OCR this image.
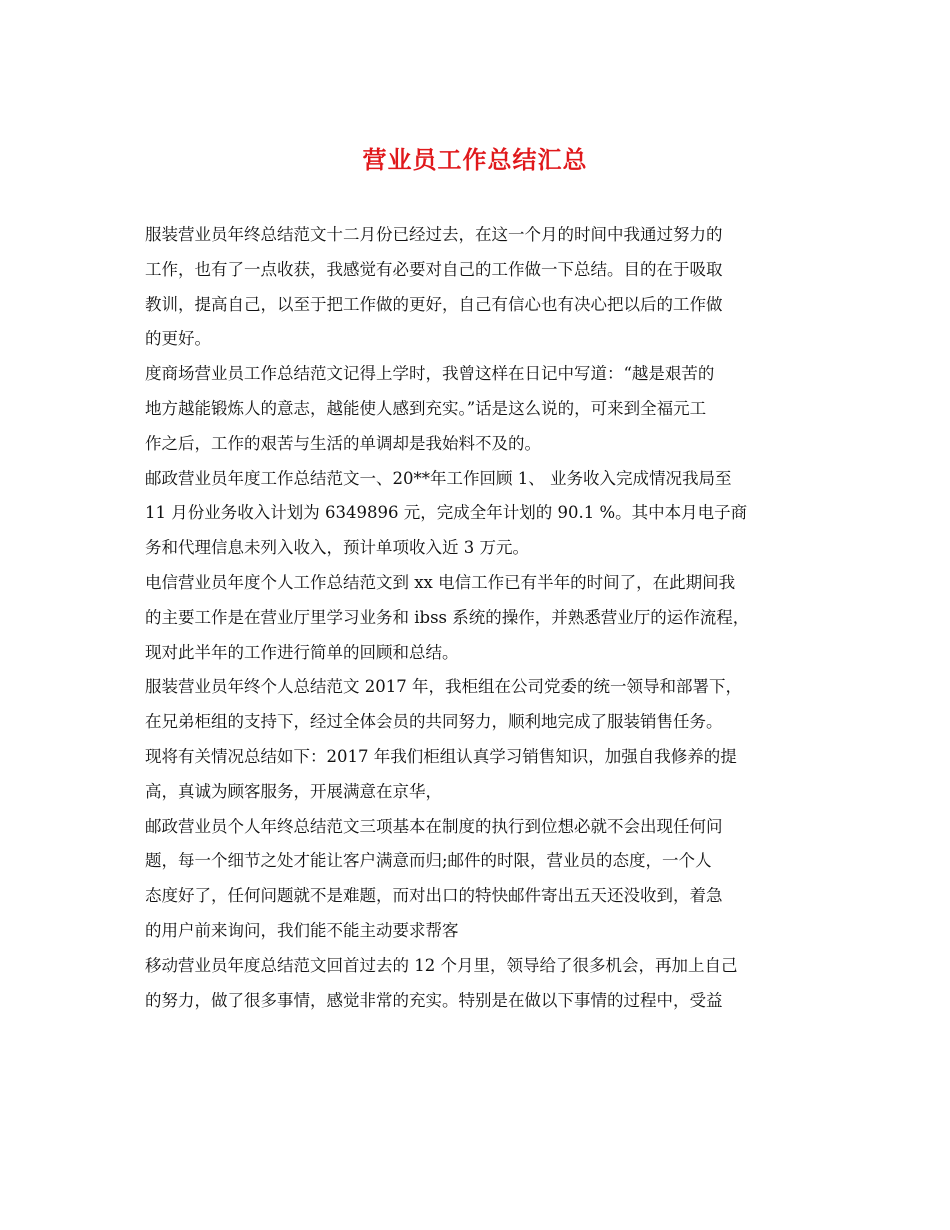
营业员工作总结汇总
服装营业员年终总结范文十二月份已经过去，在这一个月的时间中我通过努力的
工作，也有了一点收获，我感觉有必要对自己的工作做一下总结。目的在于吸取
教训，提高自己，以至于把工作做的更好，自己有信心也有决心把以后的工作做
的更好。
度商场营业员工作总结范文记得上学时，我曾这样在日记中写道：“越是艰苦的
地方越能锻炼人的意志，越能使人感到充实。”话是这么说的，可来到全福元工
作之后，工作的艰苦与生活的单调却是我始料不及的。
邮政营业员年度工作总结范文一、20**年工作回顾 1、 业务收入完成情况我局至
11 月份业务收入计划为 6349896 元，完成全年计划的 90.1 %。其中本月电子商
务和代理信息未列入收入，预计单项收入近 3 万元。
电信营业员年度个人工作总结范文到 xx 电信工作已有半年的时间了，在此期间我
的主要工作是在营业厅里学习业务和 ibss 系统的操作，并熟悉营业厅的运作流程，
现对此半年的工作进行简单的回顾和总结。
服装营业员年终个人总结范文 2017 年，我柜组在公司党委的统一领导和部署下，
在兄弟柜组的支持下，经过全体会员的共同努力，顺利地完成了服装销售任务。
现将有关情况总结如下：2017 年我们柜组认真学习销售知识，加强自我修养的提
高，真诚为顾客服务，开展满意在京华，
邮政营业员个人年终总结范文三项基本在制度的执行到位想必就不会出现任何问
题，每一个细节之处才能让客户满意而归;邮件的时限，营业员的态度，一个人
态度好了，任何问题就不是难题，而对出口的特快邮件寄出五天还没收到，着急
的用户前来询问，我们能不能主动要求帮客
移动营业员年度总结范文回首过去的 12 个月里，领导给了很多机会，再加上自己
的努力，做了很多事情，感觉非常的充实。特别是在做以下事情的过程中，受益
